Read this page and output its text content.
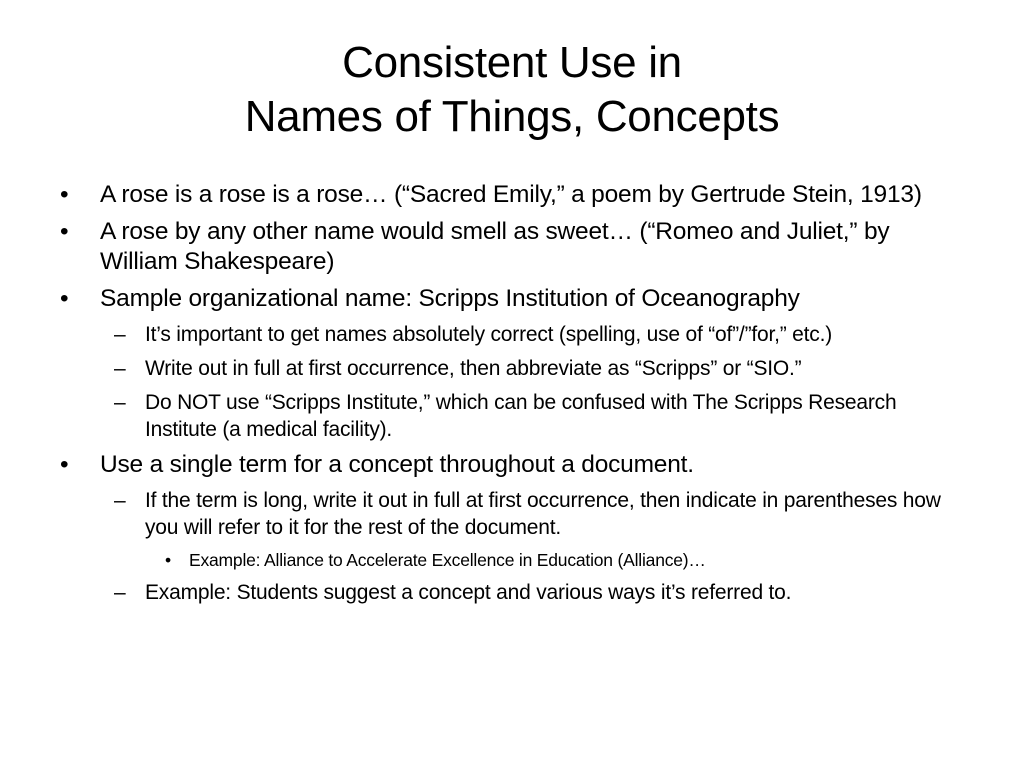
Consistent Use in
Names of Things, Concepts
•	A rose is a rose is a rose… (“Sacred Emily,” a poem by Gertrude Stein, 1913)
•	A rose by any other name would smell as sweet… (“Romeo and Juliet,” by William Shakespeare)
•	Sample organizational name: Scripps Institution of Oceanography
– It’s important to get names absolutely correct (spelling, use of “of”/”for,” etc.)
– Write out in full at first occurrence, then abbreviate as “Scripps” or “SIO.”
– Do NOT use “Scripps Institute,” which can be confused with The Scripps Research Institute (a medical facility).
•	Use a single term for a concept throughout a document.
– If the term is long, write it out in full at first occurrence, then indicate in parentheses how you will refer to it for the rest of the document.
• Example: Alliance to Accelerate Excellence in Education (Alliance)…
– Example: Students suggest a concept and various ways it’s referred to.
